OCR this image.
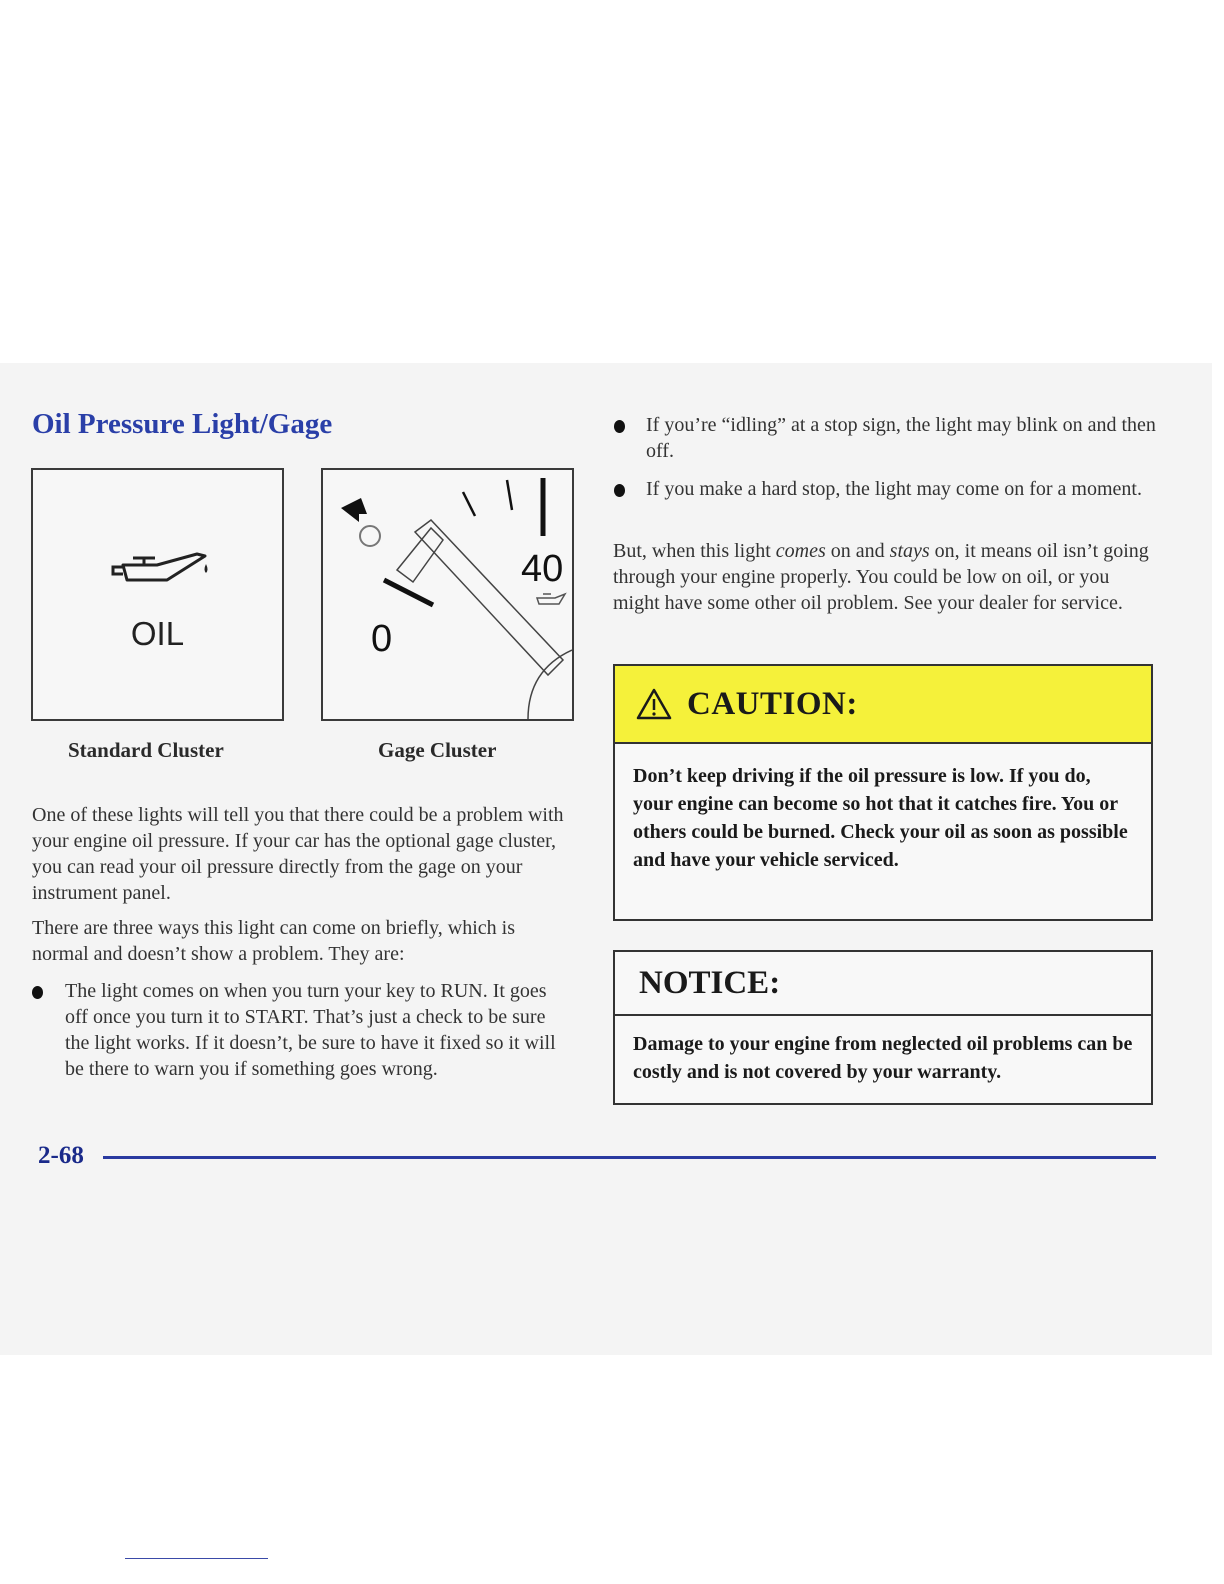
Oil Pressure Light/Gage
OIL
40
0
Standard Cluster	Gage Cluster

One of these lights will tell you that there could be a problem with your engine oil pressure. If your car has the optional gage cluster, you can read your oil pressure directly from the gage on your instrument panel.

There are three ways this light can come on briefly, which is normal and doesn’t show a problem. They are:

The light comes on when you turn your key to RUN. It goes off once you turn it to START. That’s just a check to be sure the light works. If it doesn’t, be sure to have it fixed so it will be there to warn you if something goes wrong.

If you’re “idling” at a stop sign, the light may blink on and then off.

If you make a hard stop, the light may come on for a moment.

But, when this light comes on and stays on, it means oil isn’t going through your engine properly. You could be low on oil, or you might have some other oil problem. See your dealer for service.

CAUTION:
Don’t keep driving if the oil pressure is low. If you do, your engine can become so hot that it catches fire. You or others could be burned. Check your oil as soon as possible and have your vehicle serviced.
NOTICE:
Damage to your engine from neglected oil problems can be costly and is not covered by your warranty.
2-68
